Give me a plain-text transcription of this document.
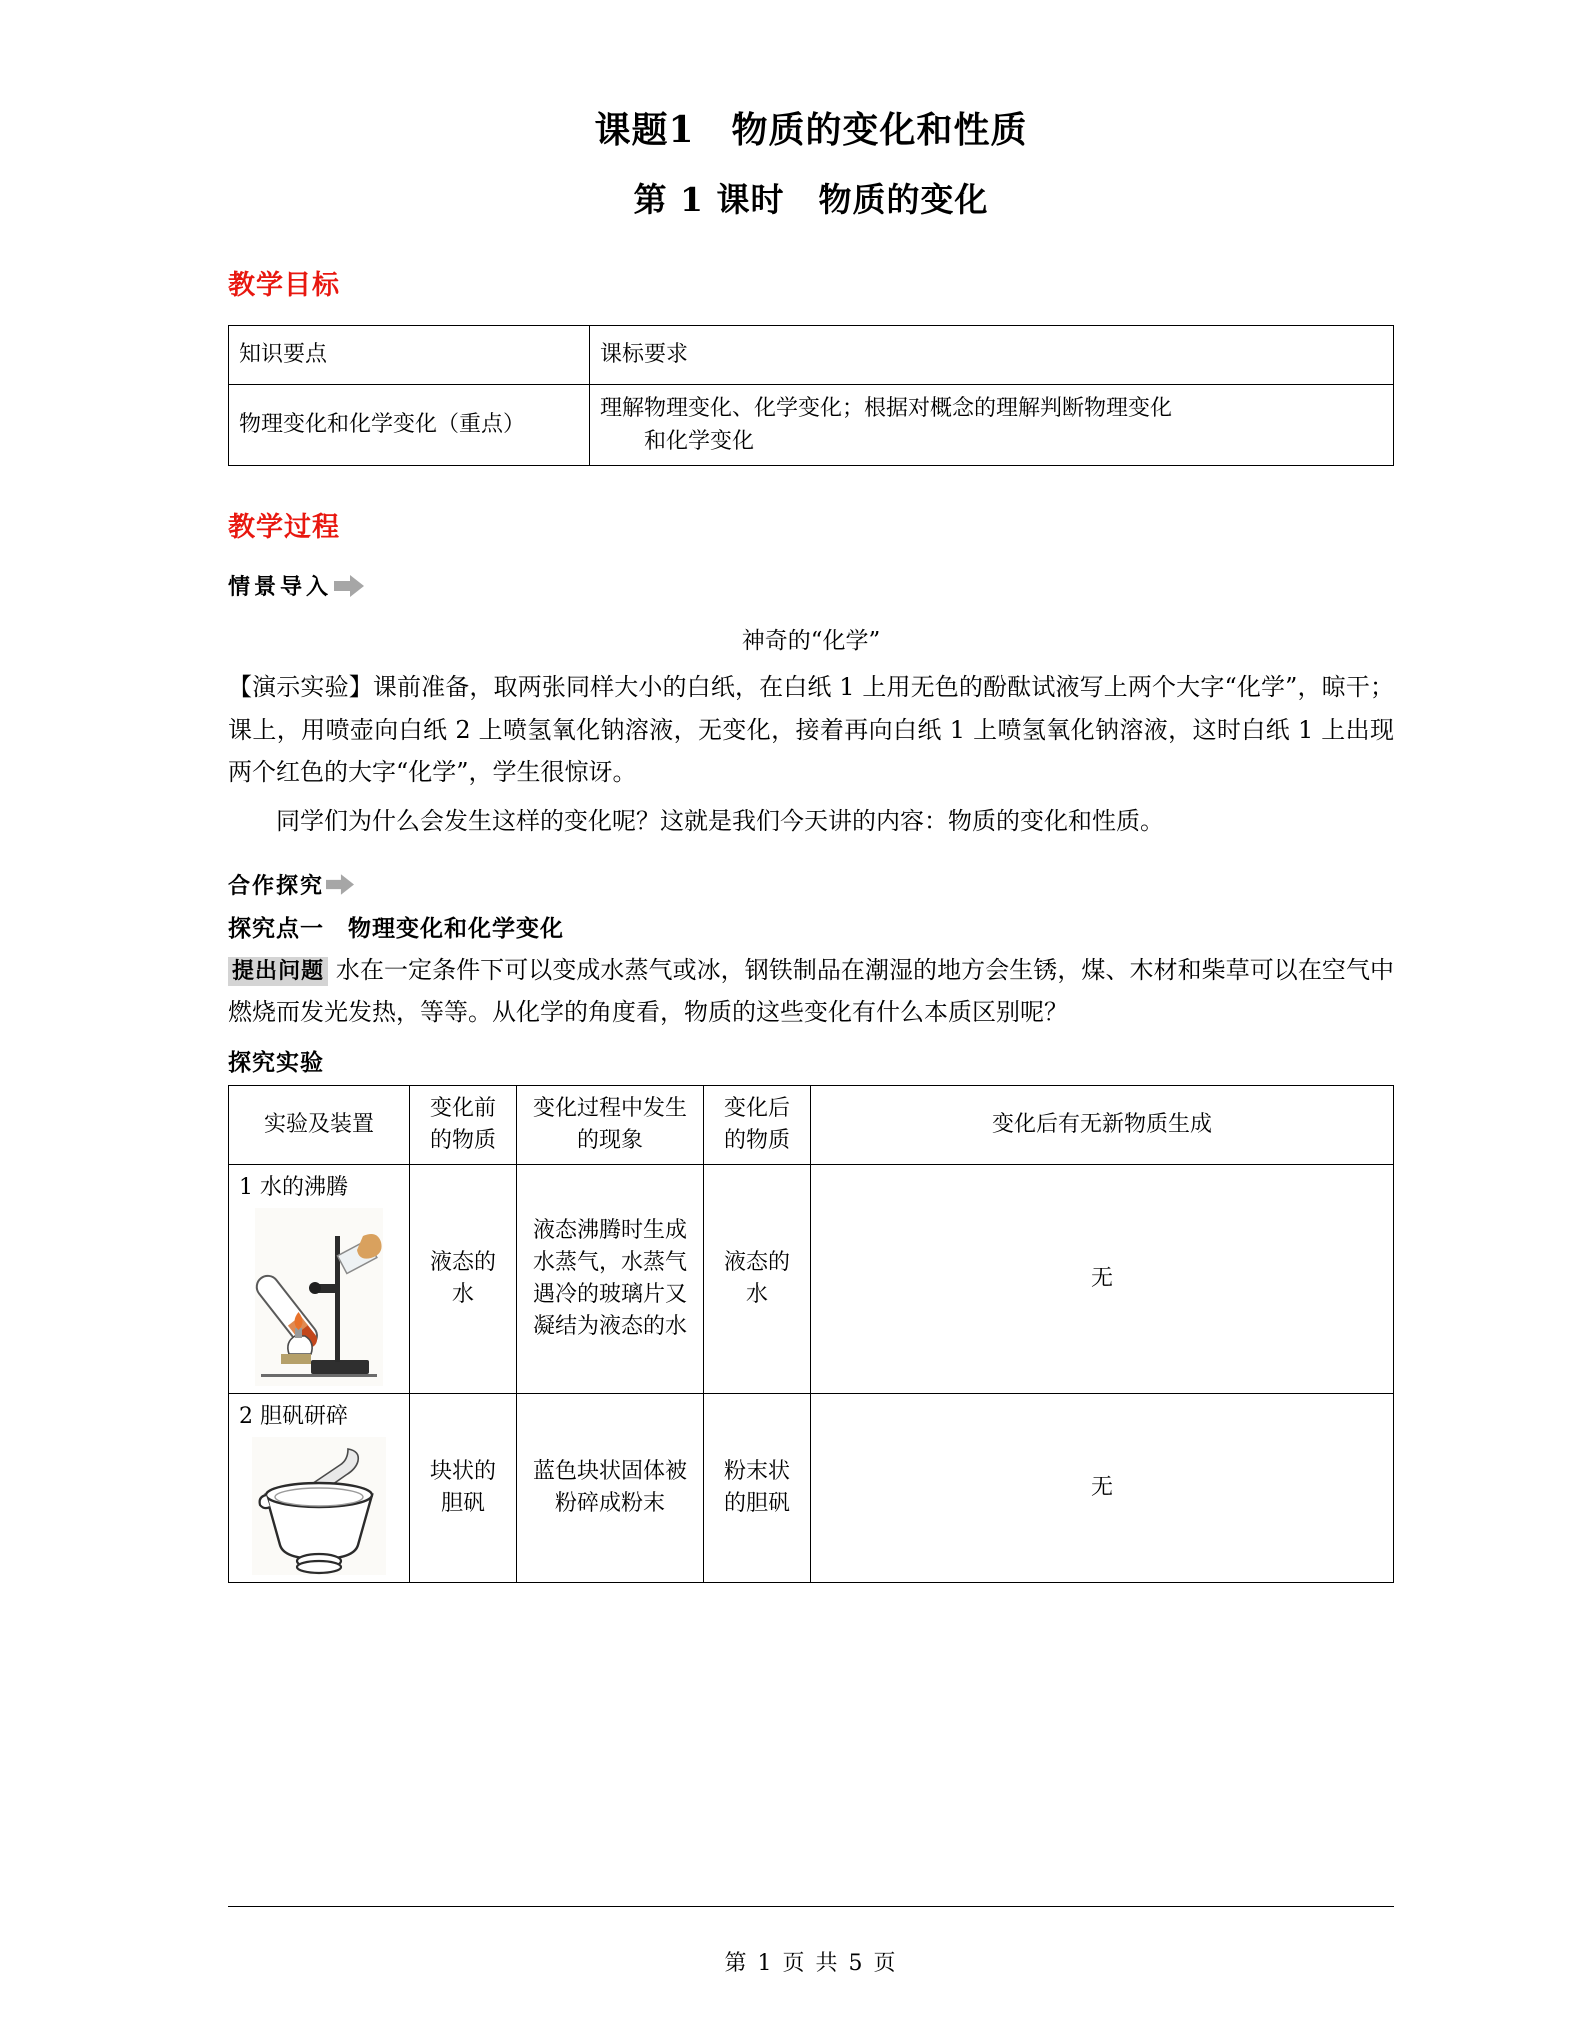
课题1　物质的变化和性质
第 1 课时　物质的变化
教学目标
知识要点	课标要求
物理变化和化学变化（重点）	理解物理变化、化学变化；根据对概念的理解判断物理变化
和化学变化
教学过程
情景导入
神奇的“化学”

【演示实验】课前准备，取两张同样大小的白纸，在白纸 1 上用无色的酚酞试液写上两个大字“化学”，晾干；课上，用喷壶向白纸 2 上喷氢氧化钠溶液，无变化，接着再向白纸 1 上喷氢氧化钠溶液，这时白纸 1 上出现两个红色的大字“化学”，学生很惊讶。

同学们为什么会发生这样的变化呢？这就是我们今天讲的内容：物质的变化和性质。

合作探究
探究点一　物理变化和化学变化

提出问题 水在一定条件下可以变成水蒸气或冰，钢铁制品在潮湿的地方会生锈，煤、木材和柴草可以在空气中燃烧而发光发热，等等。从化学的角度看，物质的这些变化有什么本质区别呢？

探究实验
实验及装置	变化前的物质	变化过程中发生的现象	变化后的物质	变化后有无新物质生成

1 水的沸腾	液态的水	液态沸腾时生成水蒸气，水蒸气遇冷的玻璃片又凝结为液态的水	液态的水	无

2 胆矾研碎	块状的胆矾	蓝色块状固体被粉碎成粉末	粉末状的胆矾	无
第 1 页 共 5 页
